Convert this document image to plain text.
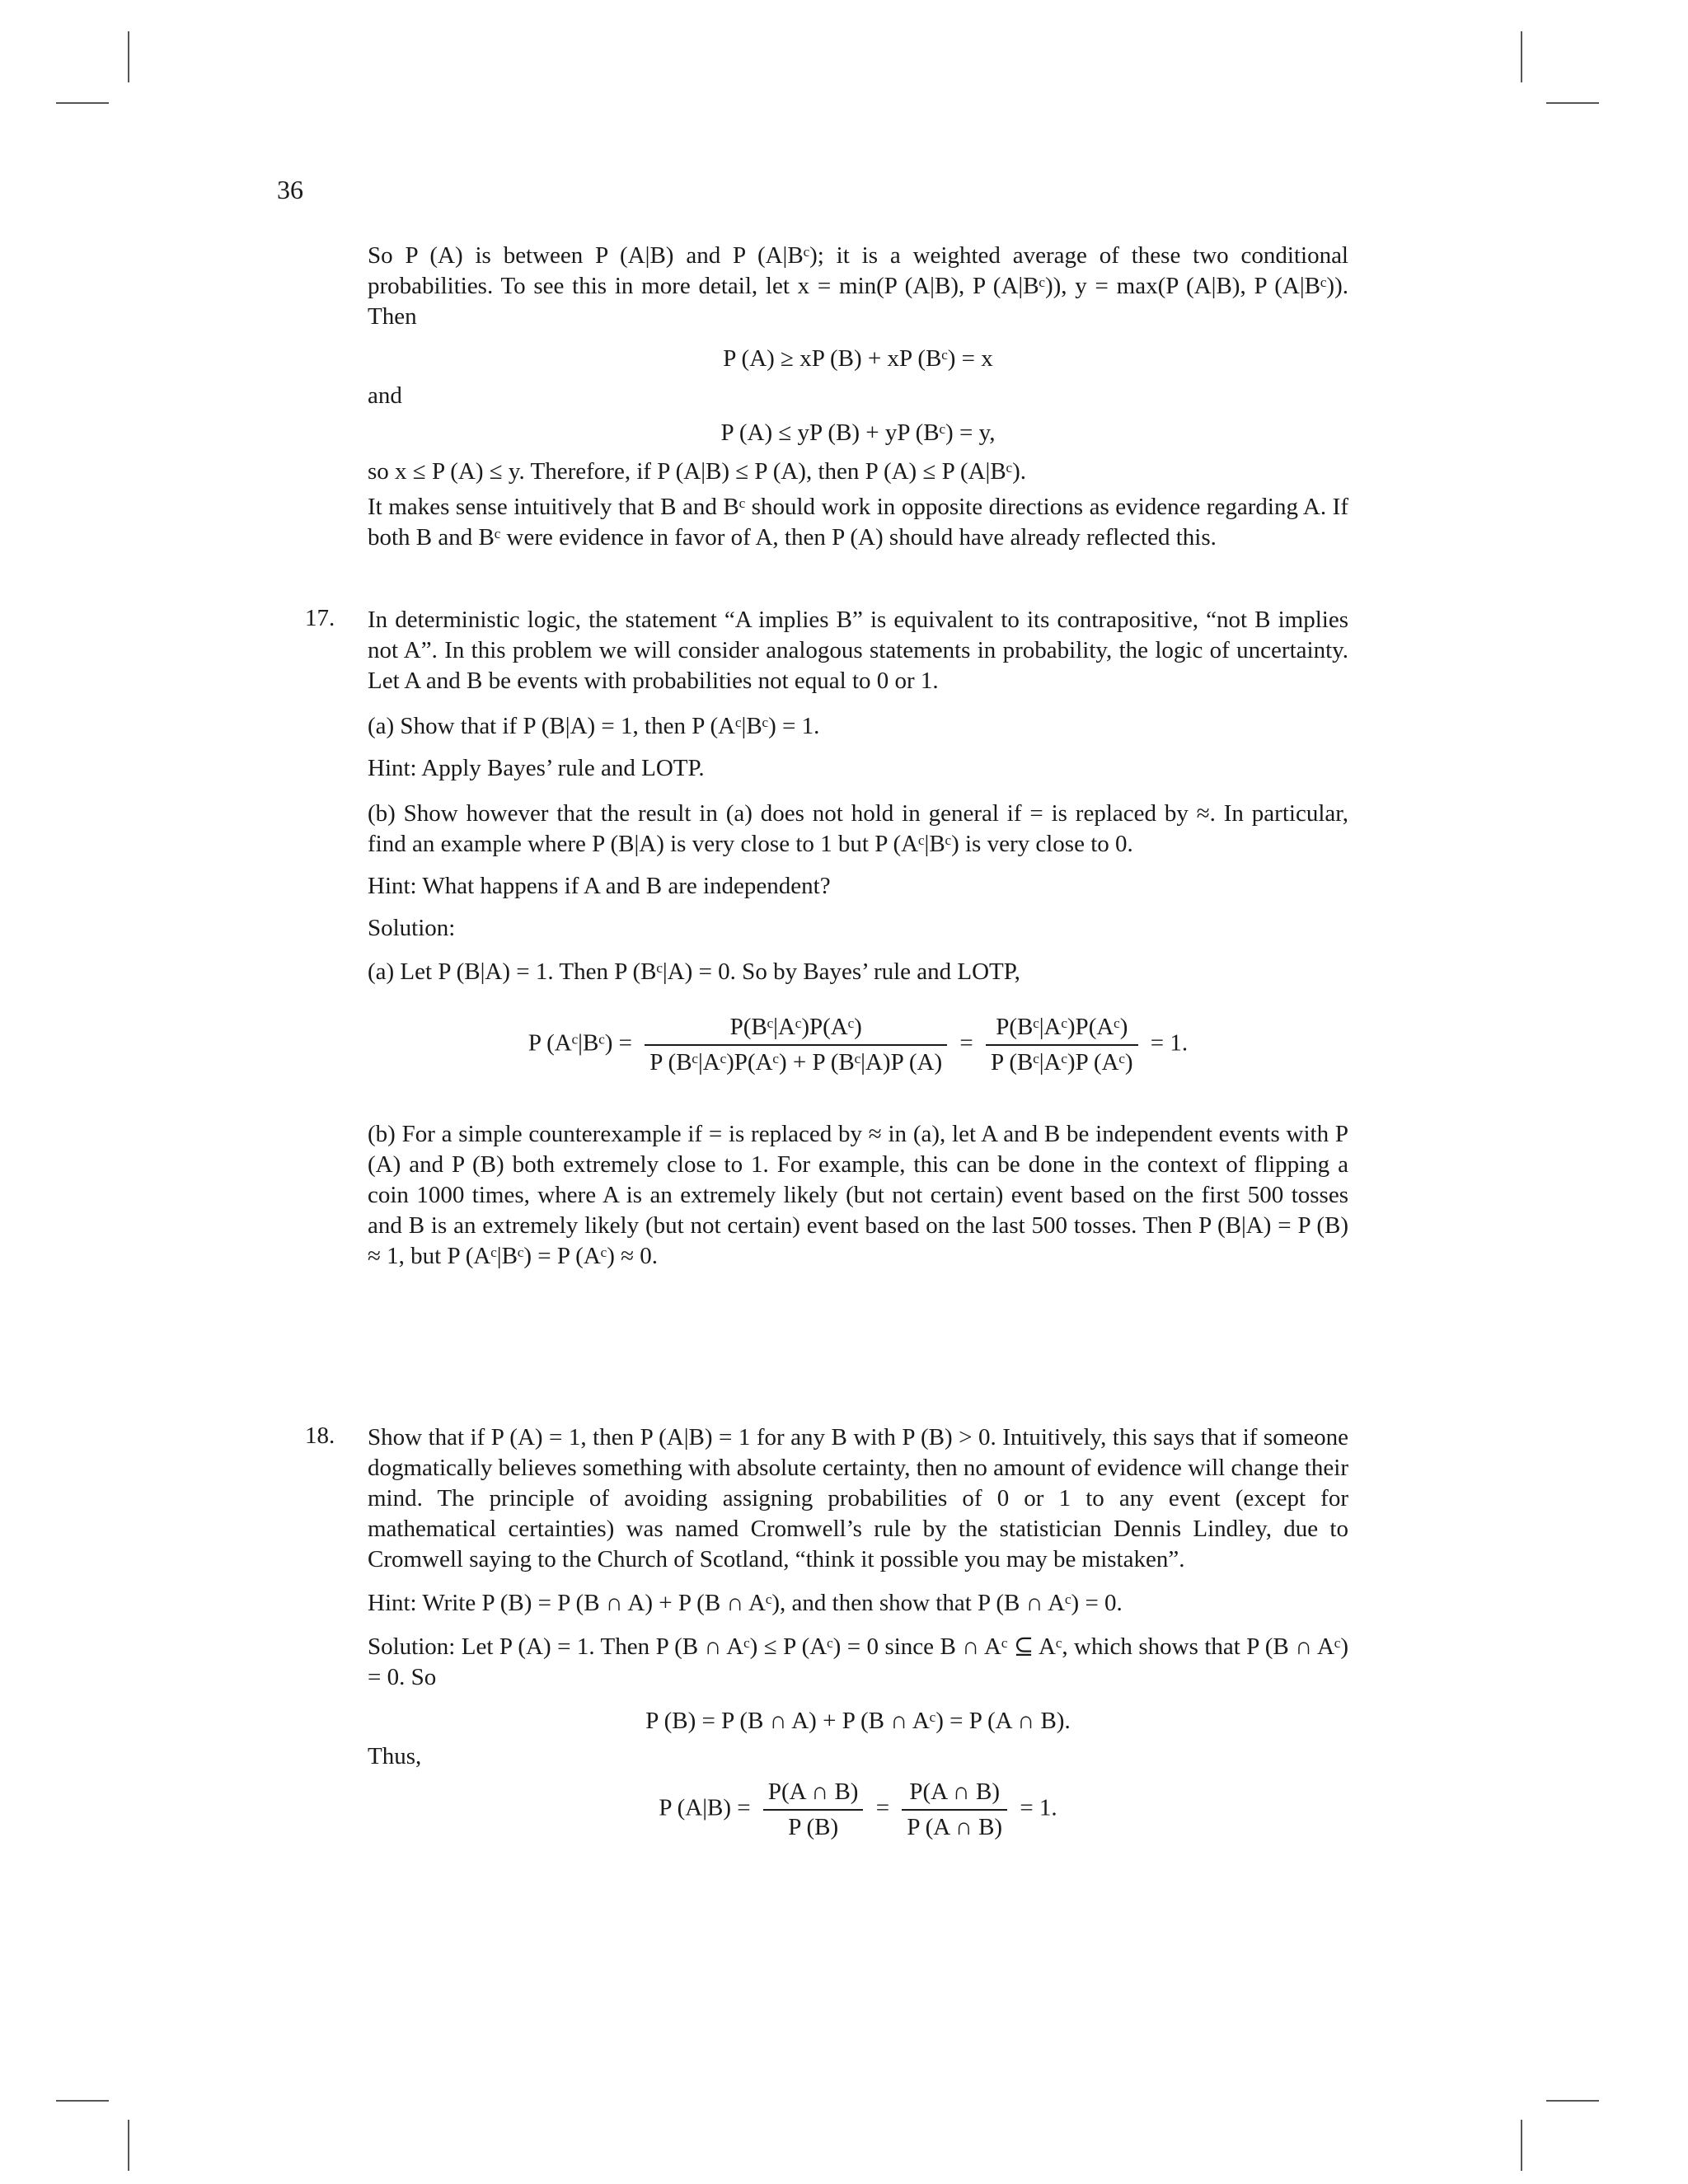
36

So P (A) is between P (A|B) and P (A|Bᶜ); it is a weighted average of these two conditional probabilities. To see this in more detail, let x = min(P (A|B), P (A|Bᶜ)), y = max(P (A|B), P (A|Bᶜ)). Then

P (A) ≥ xP (B) + xP (Bᶜ) = x
and
P (A) ≤ yP (B) + yP (Bᶜ) = y,

so x ≤ P (A) ≤ y. Therefore, if P (A|B) ≤ P (A), then P (A) ≤ P (A|Bᶜ).

It makes sense intuitively that B and Bᶜ should work in opposite directions as evidence regarding A. If both B and Bᶜ were evidence in favor of A, then P (A) should have already reflected this.

17. In deterministic logic, the statement “A implies B” is equivalent to its contrapositive, “not B implies not A”. In this problem we will consider analogous statements in probability, the logic of uncertainty. Let A and B be events with probabilities not equal to 0 or 1.

(a) Show that if P (B|A) = 1, then P (Aᶜ|Bᶜ) = 1.

Hint: Apply Bayes’ rule and LOTP.

(b) Show however that the result in (a) does not hold in general if = is replaced by ≈. In particular, find an example where P (B|A) is very close to 1 but P (Aᶜ|Bᶜ) is very close to 0.

Hint: What happens if A and B are independent?

Solution:

(a) Let P (B|A) = 1. Then P (Bᶜ|A) = 0. So by Bayes’ rule and LOTP,

P (Aᶜ|Bᶜ) = $\frac{\text{P(Bᶜ|Aᶜ)P(Aᶜ)}}{\text{P (Bᶜ|Aᶜ)P(Aᶜ) + P (Bᶜ|A)P (A)}} = \frac{\text{P(Bᶜ|Aᶜ)P(Aᶜ)}}{\text{P (Bᶜ|Aᶜ)P (Aᶜ)}} = 1$.

(b) For a simple counterexample if = is replaced by ≈ in (a), let A and B be independent events with P (A) and P (B) both extremely close to 1. For example, this can be done in the context of flipping a coin 1000 times, where A is an extremely likely (but not certain) event based on the first 500 tosses and B is an extremely likely (but not certain) event based on the last 500 tosses. Then P (B|A) = P (B) ≈ 1, but P (Aᶜ|Bᶜ) = P (Aᶜ) ≈ 0.

18. Show that if P (A) = 1, then P (A|B) = 1 for any B with P (B) > 0. Intuitively, this says that if someone dogmatically believes something with absolute certainty, then no amount of evidence will change their mind. The principle of avoiding assigning probabilities of 0 or 1 to any event (except for mathematical certainties) was named Cromwell’s rule by the statistician Dennis Lindley, due to Cromwell saying to the Church of Scotland, “think it possible you may be mistaken”.

Hint: Write P (B) = P (B ∩ A) + P (B ∩ Aᶜ), and then show that P (B ∩ Aᶜ) = 0.

Solution: Let P (A) = 1. Then P (B ∩ Aᶜ) ≤ P (Aᶜ) = 0 since B ∩ Aᶜ ⊆ Aᶜ, which shows that P (B ∩ Aᶜ) = 0. So

P (B) = P (B ∩ A) + P (B ∩ Aᶜ) = P (A ∩ B).
Thus,
P $(A|B) = \frac{P(A \cap B)}{P (B)} = \frac{P(A \cap B)}{P (A \cap B)} = 1$.
